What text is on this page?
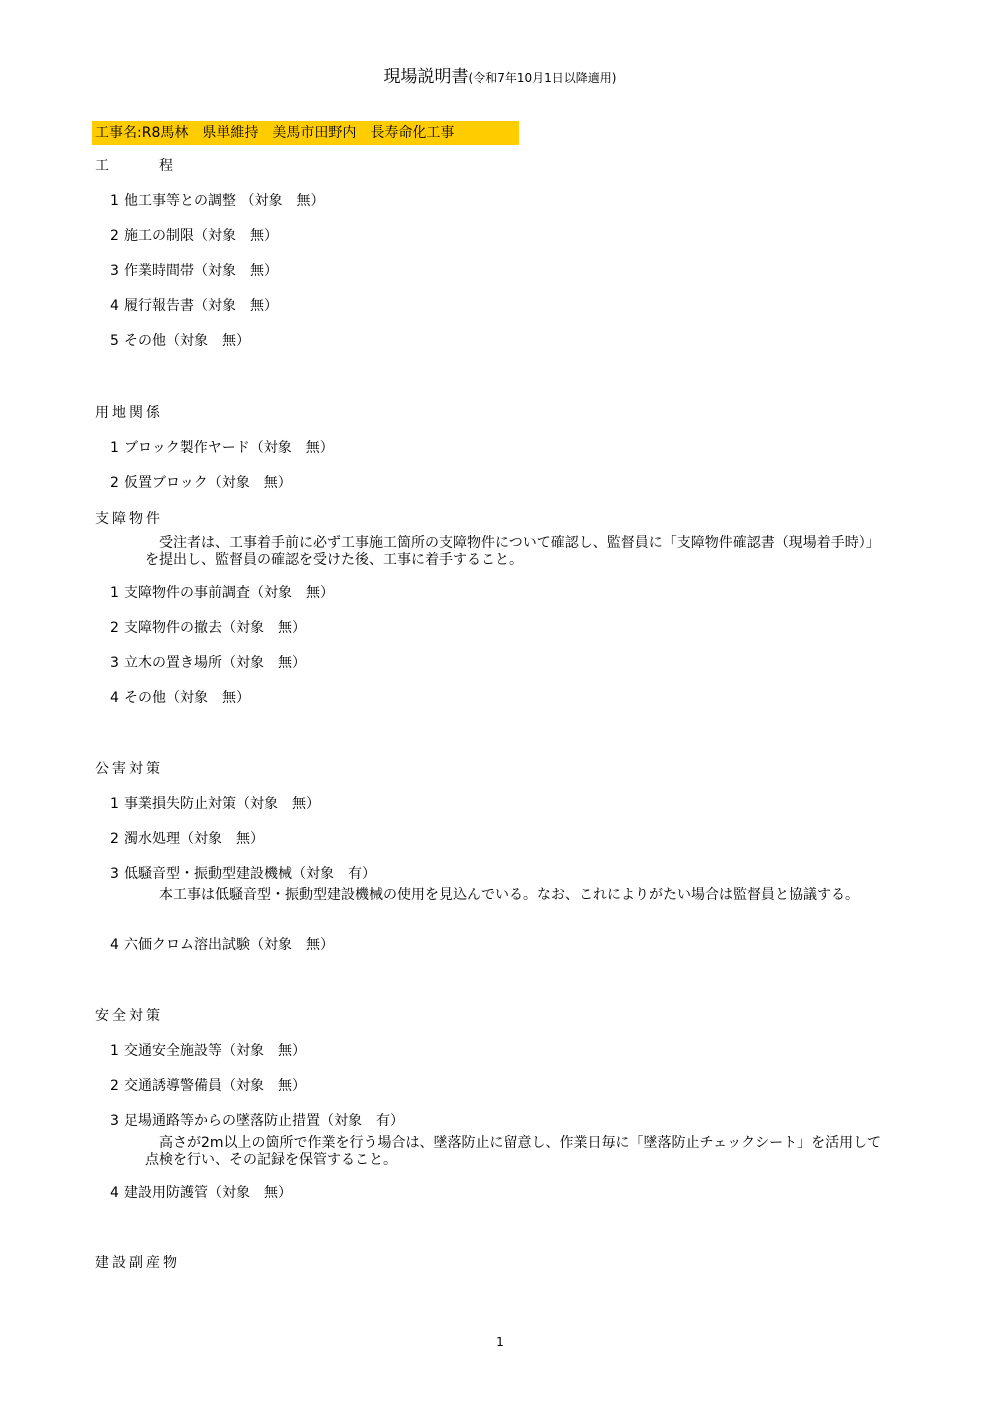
現場説明書(令和7年10月1日以降適用)
工事名:R8馬林　県単維持　美馬市田野内　長寿命化工事
工　程
1 他工事等との調整 （対象　無）
2 施工の制限（対象　無）
3 作業時間帯（対象　無）
4 履行報告書（対象　無）
5 その他（対象　無）
用地関係
1 ブロック製作ヤード（対象　無）
2 仮置ブロック（対象　無）
支障物件
受注者は、工事着手前に必ず工事施工箇所の支障物件について確認し、監督員に「支障物件確認書（現場着手時）」を提出し、監督員の確認を受けた後、工事に着手すること。
1 支障物件の事前調査（対象　無）
2 支障物件の撤去（対象　無）
3 立木の置き場所（対象　無）
4 その他（対象　無）
公害対策
1 事業損失防止対策（対象　無）
2 濁水処理（対象　無）
3 低騒音型・振動型建設機械（対象　有）
本工事は低騒音型・振動型建設機械の使用を見込んでいる。なお、これによりがたい場合は監督員と協議する。
4 六価クロム溶出試験（対象　無）
安全対策
1 交通安全施設等（対象　無）
2 交通誘導警備員（対象　無）
3 足場通路等からの墜落防止措置（対象　有）
高さが2m以上の箇所で作業を行う場合は、墜落防止に留意し、作業日毎に「墜落防止チェックシート」を活用して点検を行い、その記録を保管すること。
4 建設用防護管（対象　無）
建設副産物
1
